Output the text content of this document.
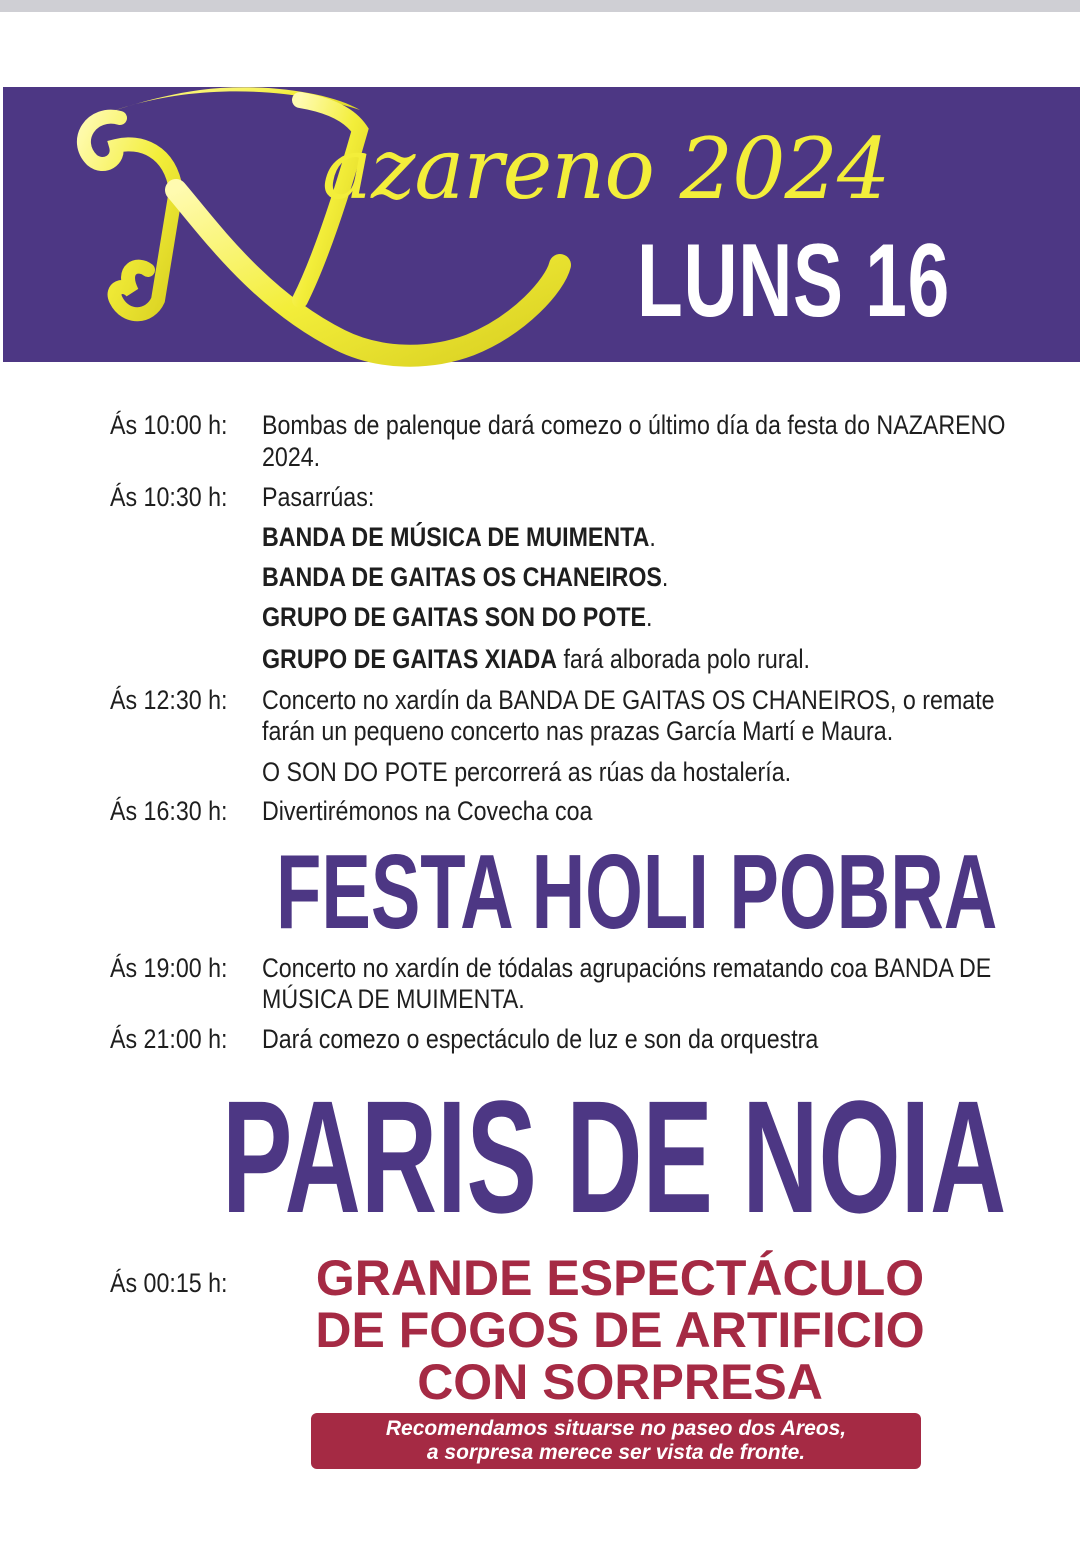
azareno 2024
LUNS 16
Ás 10:00 h: Bombas de palenque dará comezo o último día da festa do NAZARENO
2024.
Ás 10:30 h: Pasarrúas:
BANDA DE MÚSICA DE MUIMENTA.
BANDA DE GAITAS OS CHANEIROS.
GRUPO DE GAITAS SON DO POTE.
GRUPO DE GAITAS XIADA fará alborada polo rural.
Ás 12:30 h: Concerto no xardín da BANDA DE GAITAS OS CHANEIROS, o remate
farán un pequeno concerto nas prazas García Martí e Maura.
O SON DO POTE percorrerá as rúas da hostalería.
Ás 16:30 h: Divertirémonos na Covecha coa
FESTA HOLI POBRA
Ás 19:00 h: Concerto no xardín de tódalas agrupacións rematando coa BANDA DE
MÚSICA DE MUIMENTA.
Ás 21:00 h: Dará comezo o espectáculo de luz e son da orquestra
PARIS DE NOIA
Ás 00:15 h:	GRANDE ESPECTÁCULO
DE FOGOS DE ARTIFICIO
CON SORPRESA
Recomendamos situarse no paseo dos Areos,
a sorpresa merece ser vista de fronte.
